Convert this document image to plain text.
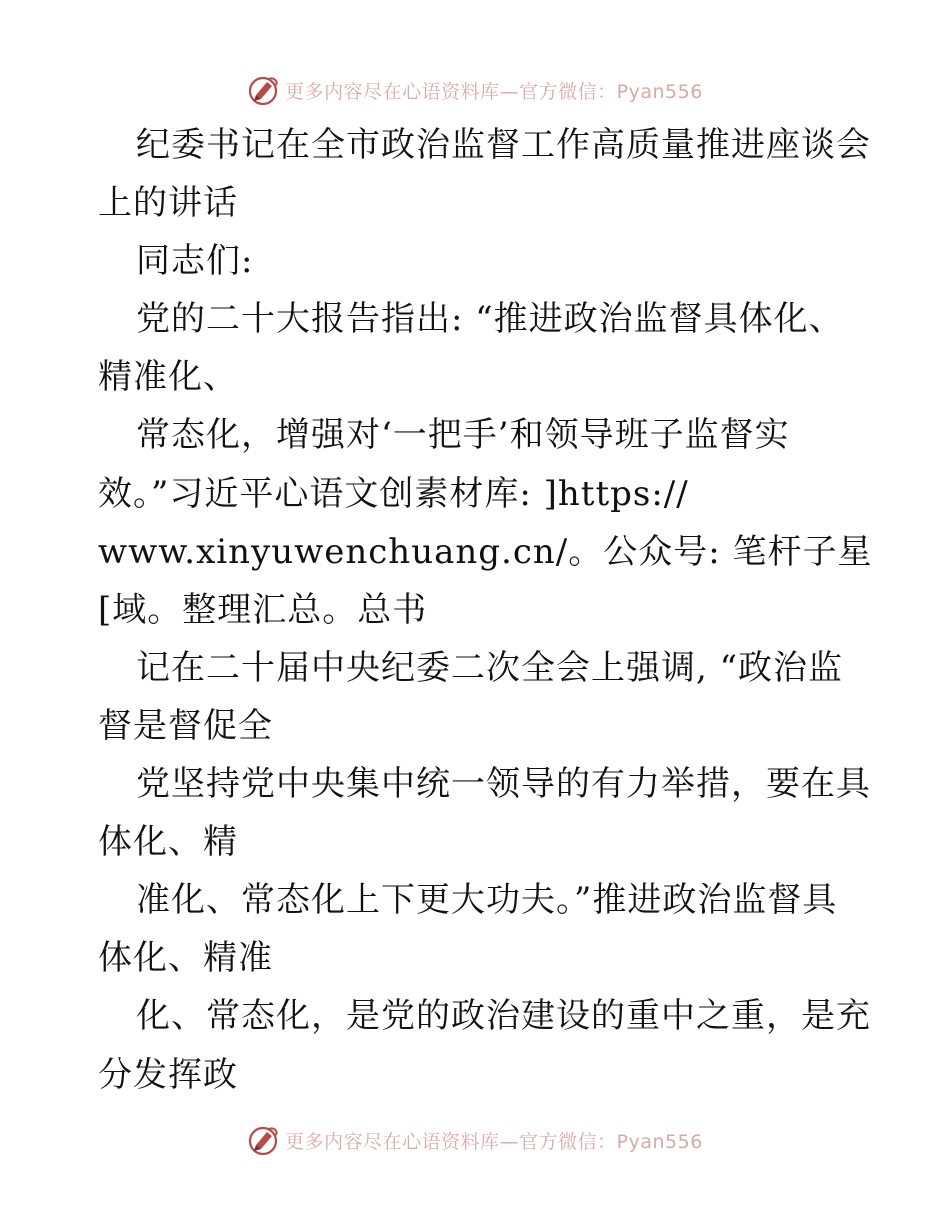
更多内容尽在心语资料库—官方微信：Pyan556
纪委书记在全市政治监督工作高质量推进座谈会
上的讲话
同志们:
党的二十大报告指出: “推进政治监督具体化、
精准化、
常态化，增强对‘一把手’和领导班子监督实
效。”习近平心语文创素材库: ]https://
www.xinyuwenchuang.cn/。公众号: 笔杆子星
[域。整理汇总。总书
记在二十届中央纪委二次全会上强调, “政治监
督是督促全
党坚持党中央集中统一领导的有力举措，要在具
体化、精
准化、常态化上下更大功夫。”推进政治监督具
体化、精准
化、常态化，是党的政治建设的重中之重，是充
分发挥政
更多内容尽在心语资料库—官方微信：Pyan556
